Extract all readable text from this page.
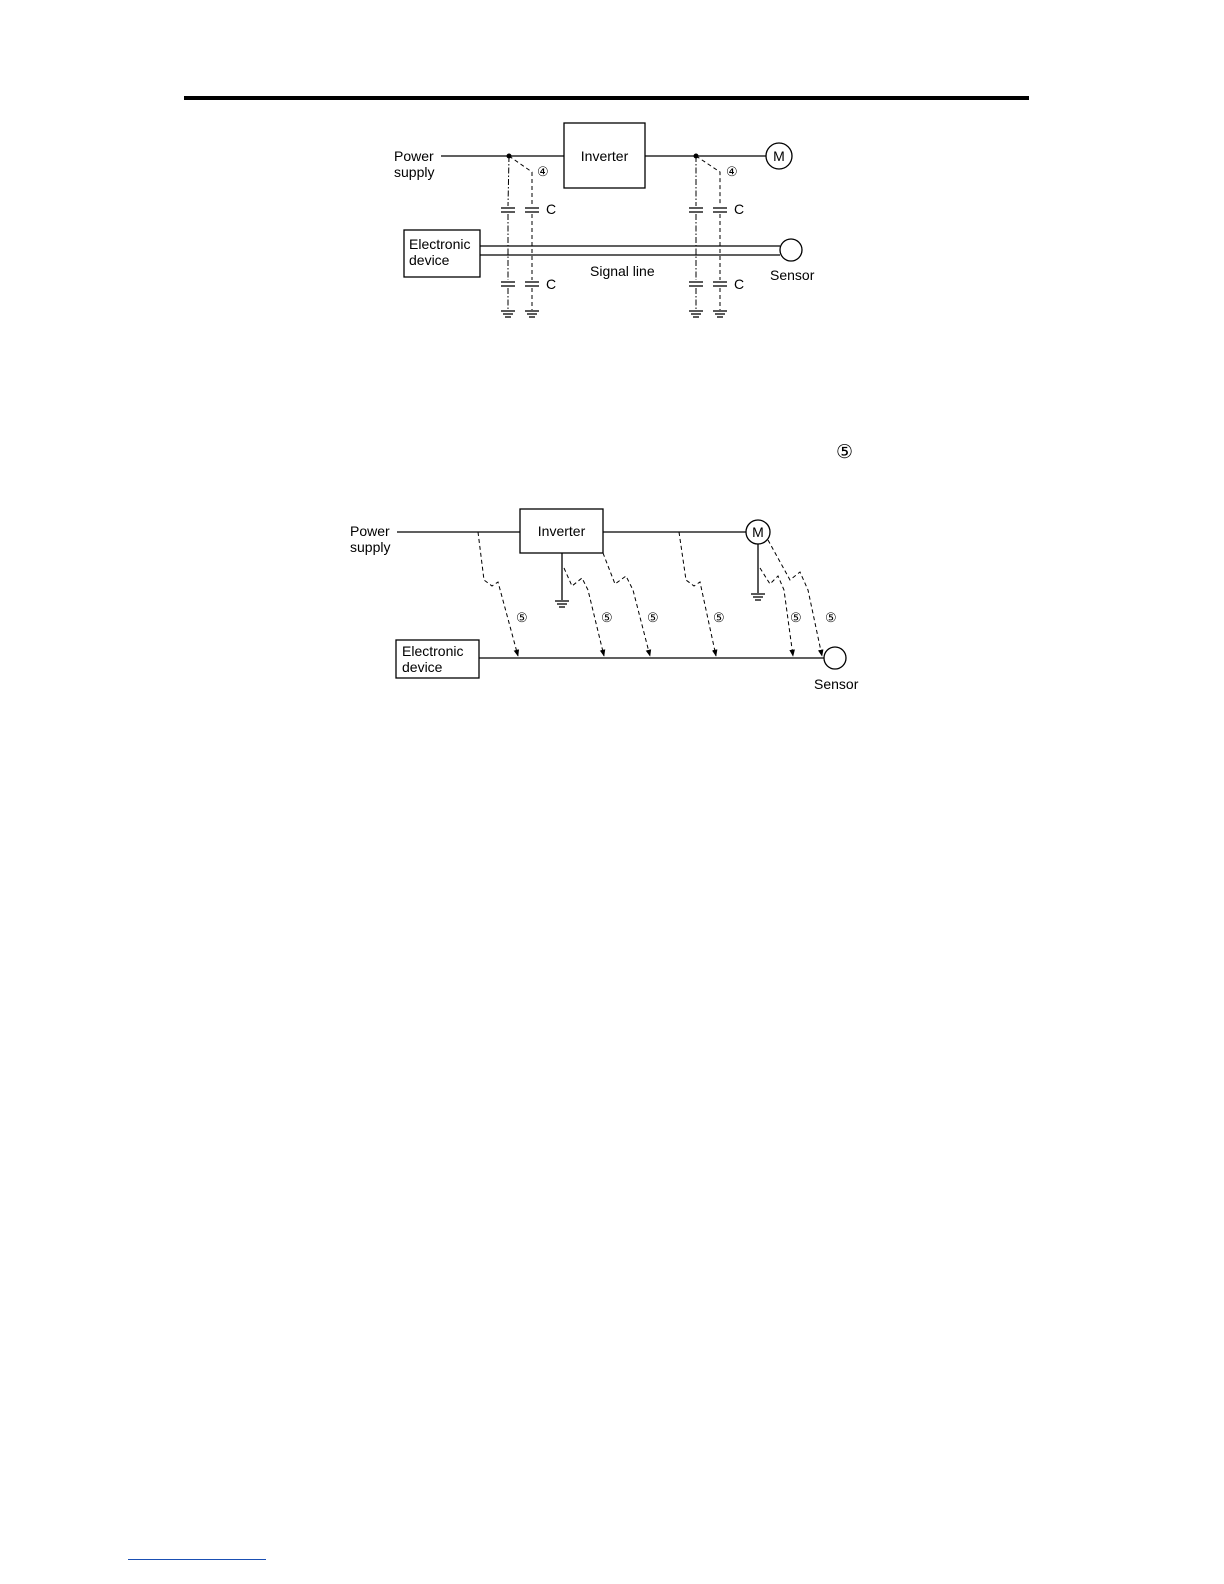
Power
supply
Inverter	M
Electronic
device
Signal line	Sensor
④
C
C
④
C
C
⑤
Power
supply
Inverter	M
Electronic
device
Sensor
⑤	⑤	⑤	⑤	⑤ ⑤
